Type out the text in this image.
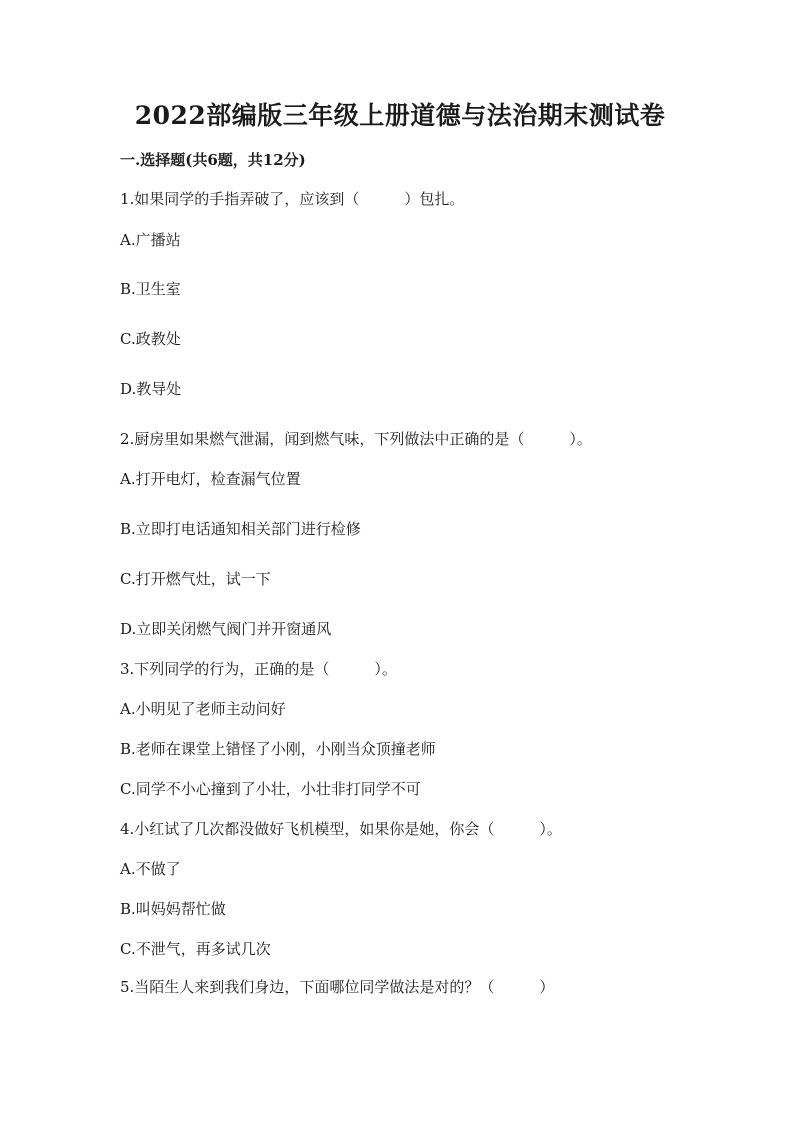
2022部编版三年级上册道德与法治期末测试卷
一.选择题(共6题，共12分)
1.如果同学的手指弄破了，应该到（　　　）包扎。
A.广播站
B.卫生室
C.政教处
D.教导处
2.厨房里如果燃气泄漏，闻到燃气味，下列做法中正确的是（　　　）。
A.打开电灯，检查漏气位置
B.立即打电话通知相关部门进行检修
C.打开燃气灶，试一下
D.立即关闭燃气阀门并开窗通风
3.下列同学的行为，正确的是（　　　）。
A.小明见了老师主动问好
B.老师在课堂上错怪了小刚，小刚当众顶撞老师
C.同学不小心撞到了小壮，小壮非打同学不可
4.小红试了几次都没做好飞机模型，如果你是她，你会（　　　）。
A.不做了
B.叫妈妈帮忙做
C.不泄气，再多试几次
5.当陌生人来到我们身边，下面哪位同学做法是对的？（　　　）
